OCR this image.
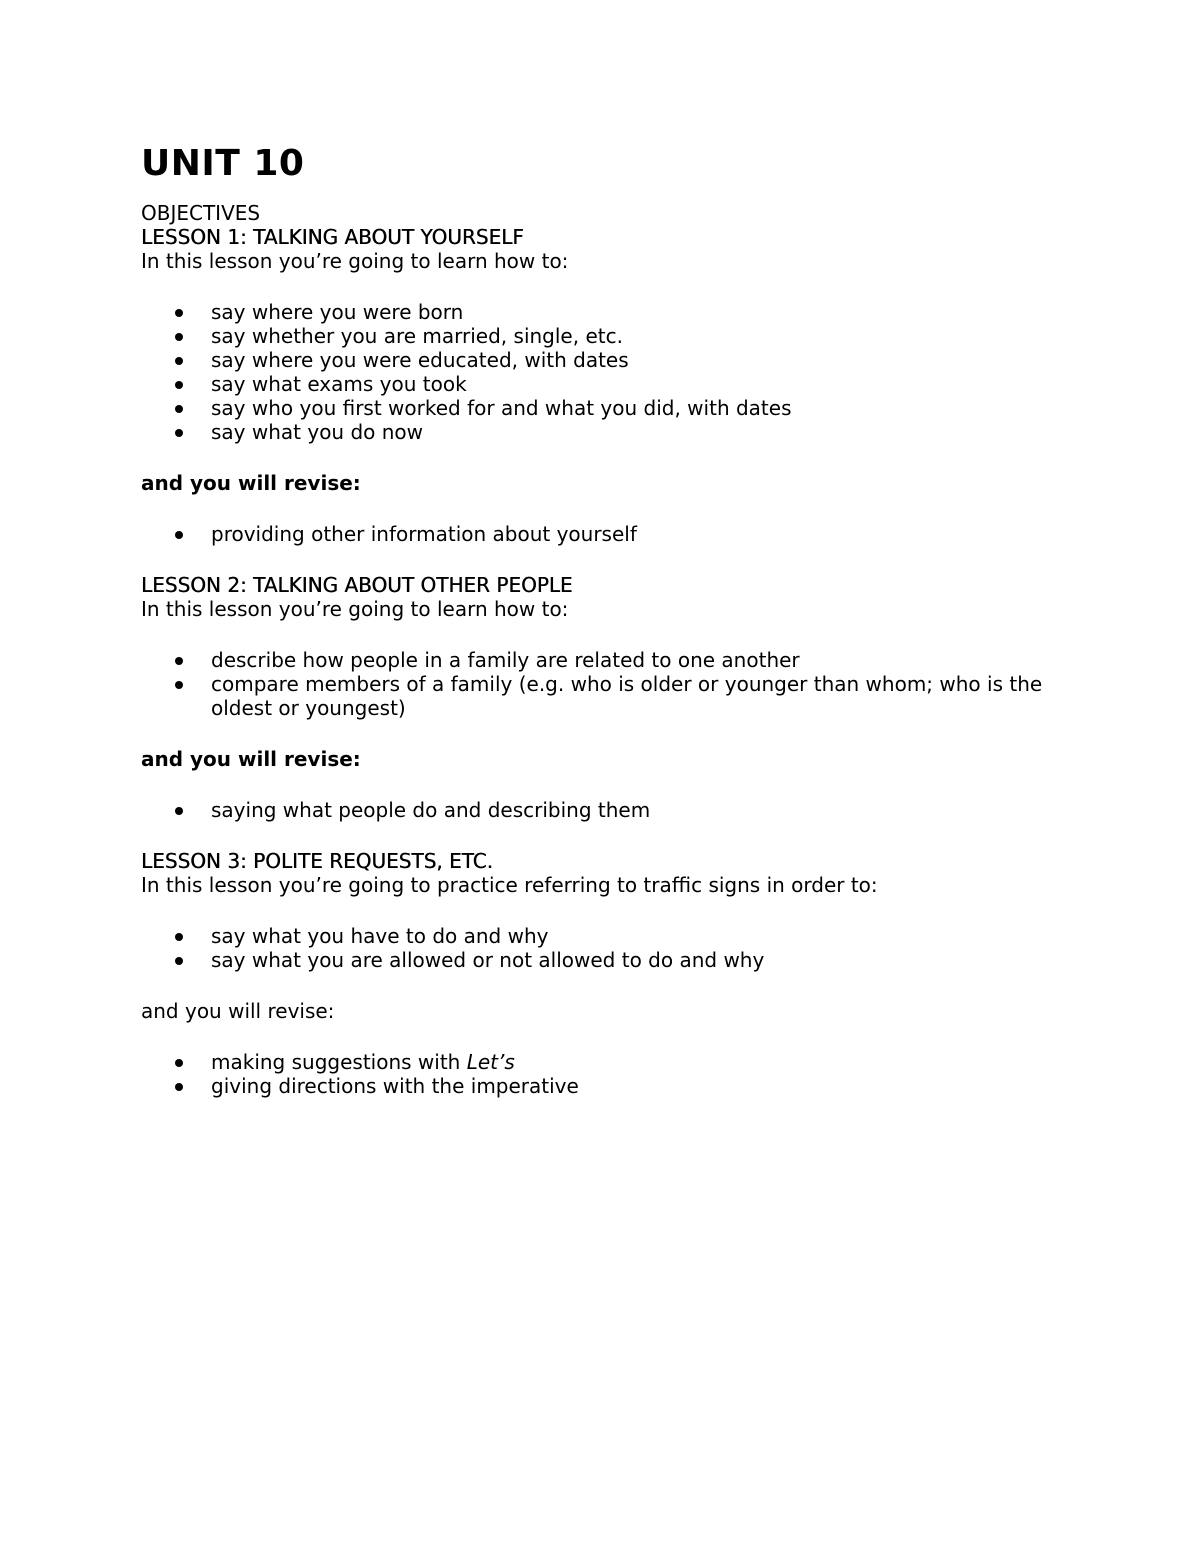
UNIT 10

OBJECTIVES

LESSON 1: TALKING ABOUT YOURSELF

In this lesson you’re going to learn how to:

say where you were born
say whether you are married, single, etc.
say where you were educated, with dates
say what exams you took
say who you first worked for and what you did, with dates
say what you do now

and you will revise:

providing other information about yourself

LESSON 2: TALKING ABOUT OTHER PEOPLE

In this lesson you’re going to learn how to:

describe how people in a family are related to one another
compare members of a family (e.g. who is older or younger than whom; who is the oldest or youngest)

and you will revise:

saying what people do and describing them

LESSON 3: POLITE REQUESTS, ETC.

In this lesson you’re going to practice referring to traffic signs in order to:

say what you have to do and why
say what you are allowed or not allowed to do and why

and you will revise:

making suggestions with Let’s
giving directions with the imperative
